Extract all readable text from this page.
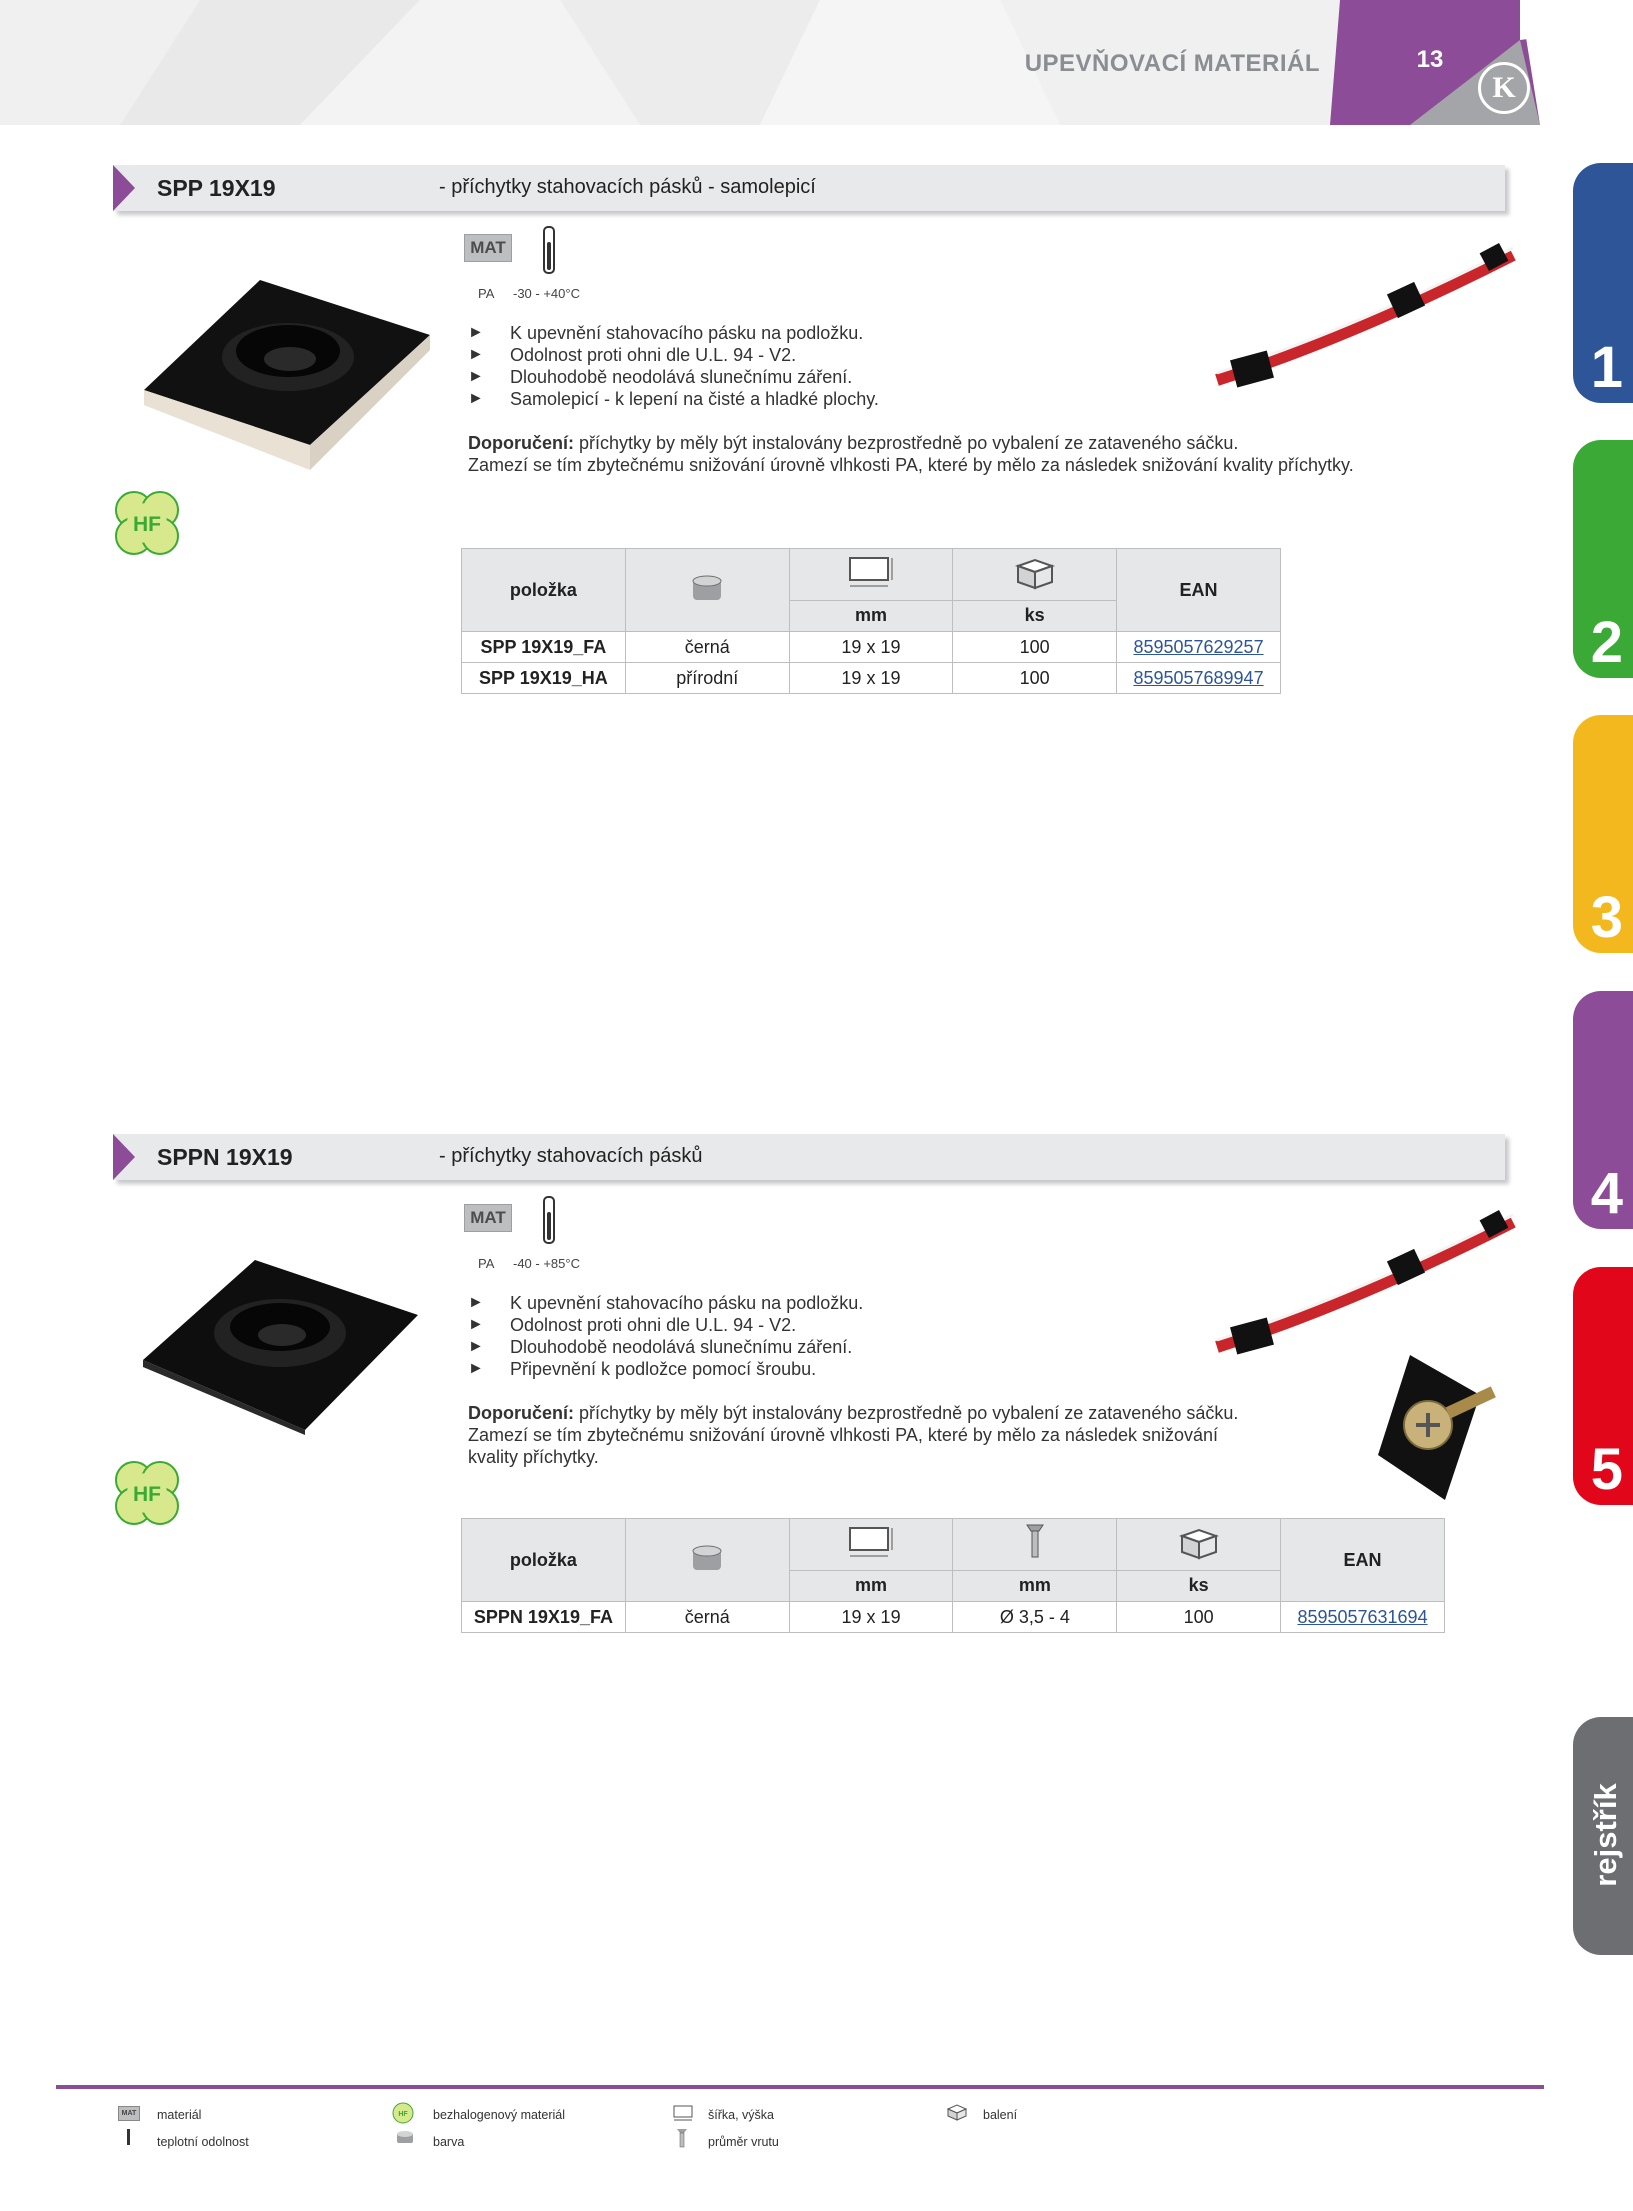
UPEVŇOVACÍ MATERIÁL	13
K
1
2
3
4
5
rejstřík
SPP 19X19	- příchytky stahovacích pásků - samolepicí
MAT
PA -30 - +40°C
► K upevnění stahovacího pásku na podložku.
► Odolnost proti ohni dle U.L. 94 - V2.
► Dlouhodobě neodolává slunečnímu záření.
► Samolepicí - k lepení na čisté a hladké plochy.
Doporučení: příchytky by měly být instalovány bezprostředně po vybalení ze zataveného sáčku.
Zamezí se tím zbytečnému snižování úrovně vlhkosti PA, které by mělo za následek snižování kvality příchytky.
HF
položka				EAN
		mm	ks	
SPP 19X19_FA	černá	19 x 19	100	8595057629257
SPP 19X19_HA	přírodní	19 x 19	100	8595057689947
SPPN 19X19	- příchytky stahovacích pásků
MAT
PA -40 - +85°C
► K upevnění stahovacího pásku na podložku.
► Odolnost proti ohni dle U.L. 94 - V2.
► Dlouhodobě neodolává slunečnímu záření.
► Připevnění k podložce pomocí šroubu.
Doporučení: příchytky by měly být instalovány bezprostředně po vybalení ze zataveného sáčku.
Zamezí se tím zbytečnému snižování úrovně vlhkosti PA, které by mělo za následek snižování
kvality příchytky.
HF
položka					EAN
		mm	mm	ks	
SPPN 19X19_FA	černá	19 x 19	Ø 3,5 - 4	100	8595057631694
MAT materiál
teplotní odolnost
HF bezhalogenový materiál
barva
šířka, výška
průměr vrutu
balení
